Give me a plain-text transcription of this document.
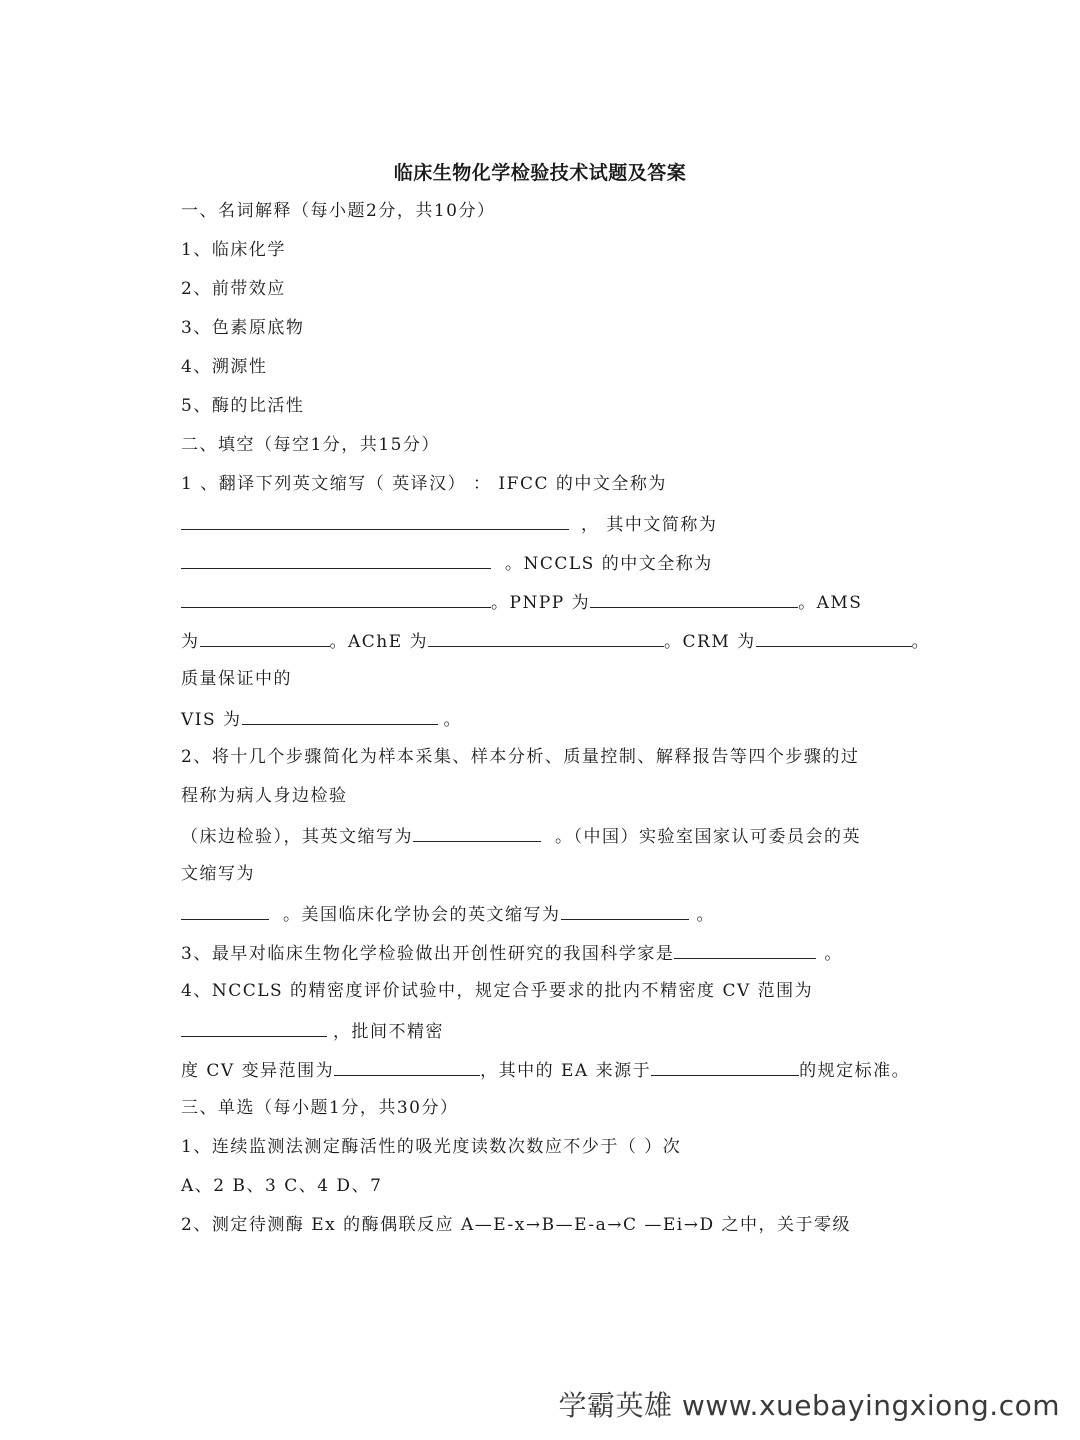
临床生物化学检验技术试题及答案
一、名词解释（每小题2分，共10分）
1、临床化学
2、前带效应
3、色素原底物
4、溯源性
5、酶的比活性
二、填空（每空1分，共15分）
1 、翻译下列英文缩写（ 英译汉） ： IFCC 的中文全称为
， 其中文简称为
。NCCLS 的中文全称为
。PNPP 为	。AMS
为	。AChE 为	。CRM 为	。
质量保证中的
VIS 为	。
2、将十几个步骤简化为样本采集、样本分析、质量控制、解释报告等四个步骤的过
程称为病人身边检验
（床边检验），其英文缩写为	。（中国）实验室国家认可委员会的英
文缩写为
。美国临床化学协会的英文缩写为	。
3、最早对临床生物化学检验做出开创性研究的我国科学家是	。
4、NCCLS 的精密度评价试验中，规定合乎要求的批内不精密度 CV 范围为
，批间不精密
度 CV 变异范围为	，其中的 EA 来源于	的规定标准。
三、单选（每小题1分，共30分）
1、连续监测法测定酶活性的吸光度读数次数应不少于（ ）次
A、2 B、3 C、4 D、7
2、测定待测酶 Ex 的酶偶联反应 A—E-x→B—E-a→C —Ei→D 之中，关于零级
学霸英雄 www.xuebayingxiong.com
